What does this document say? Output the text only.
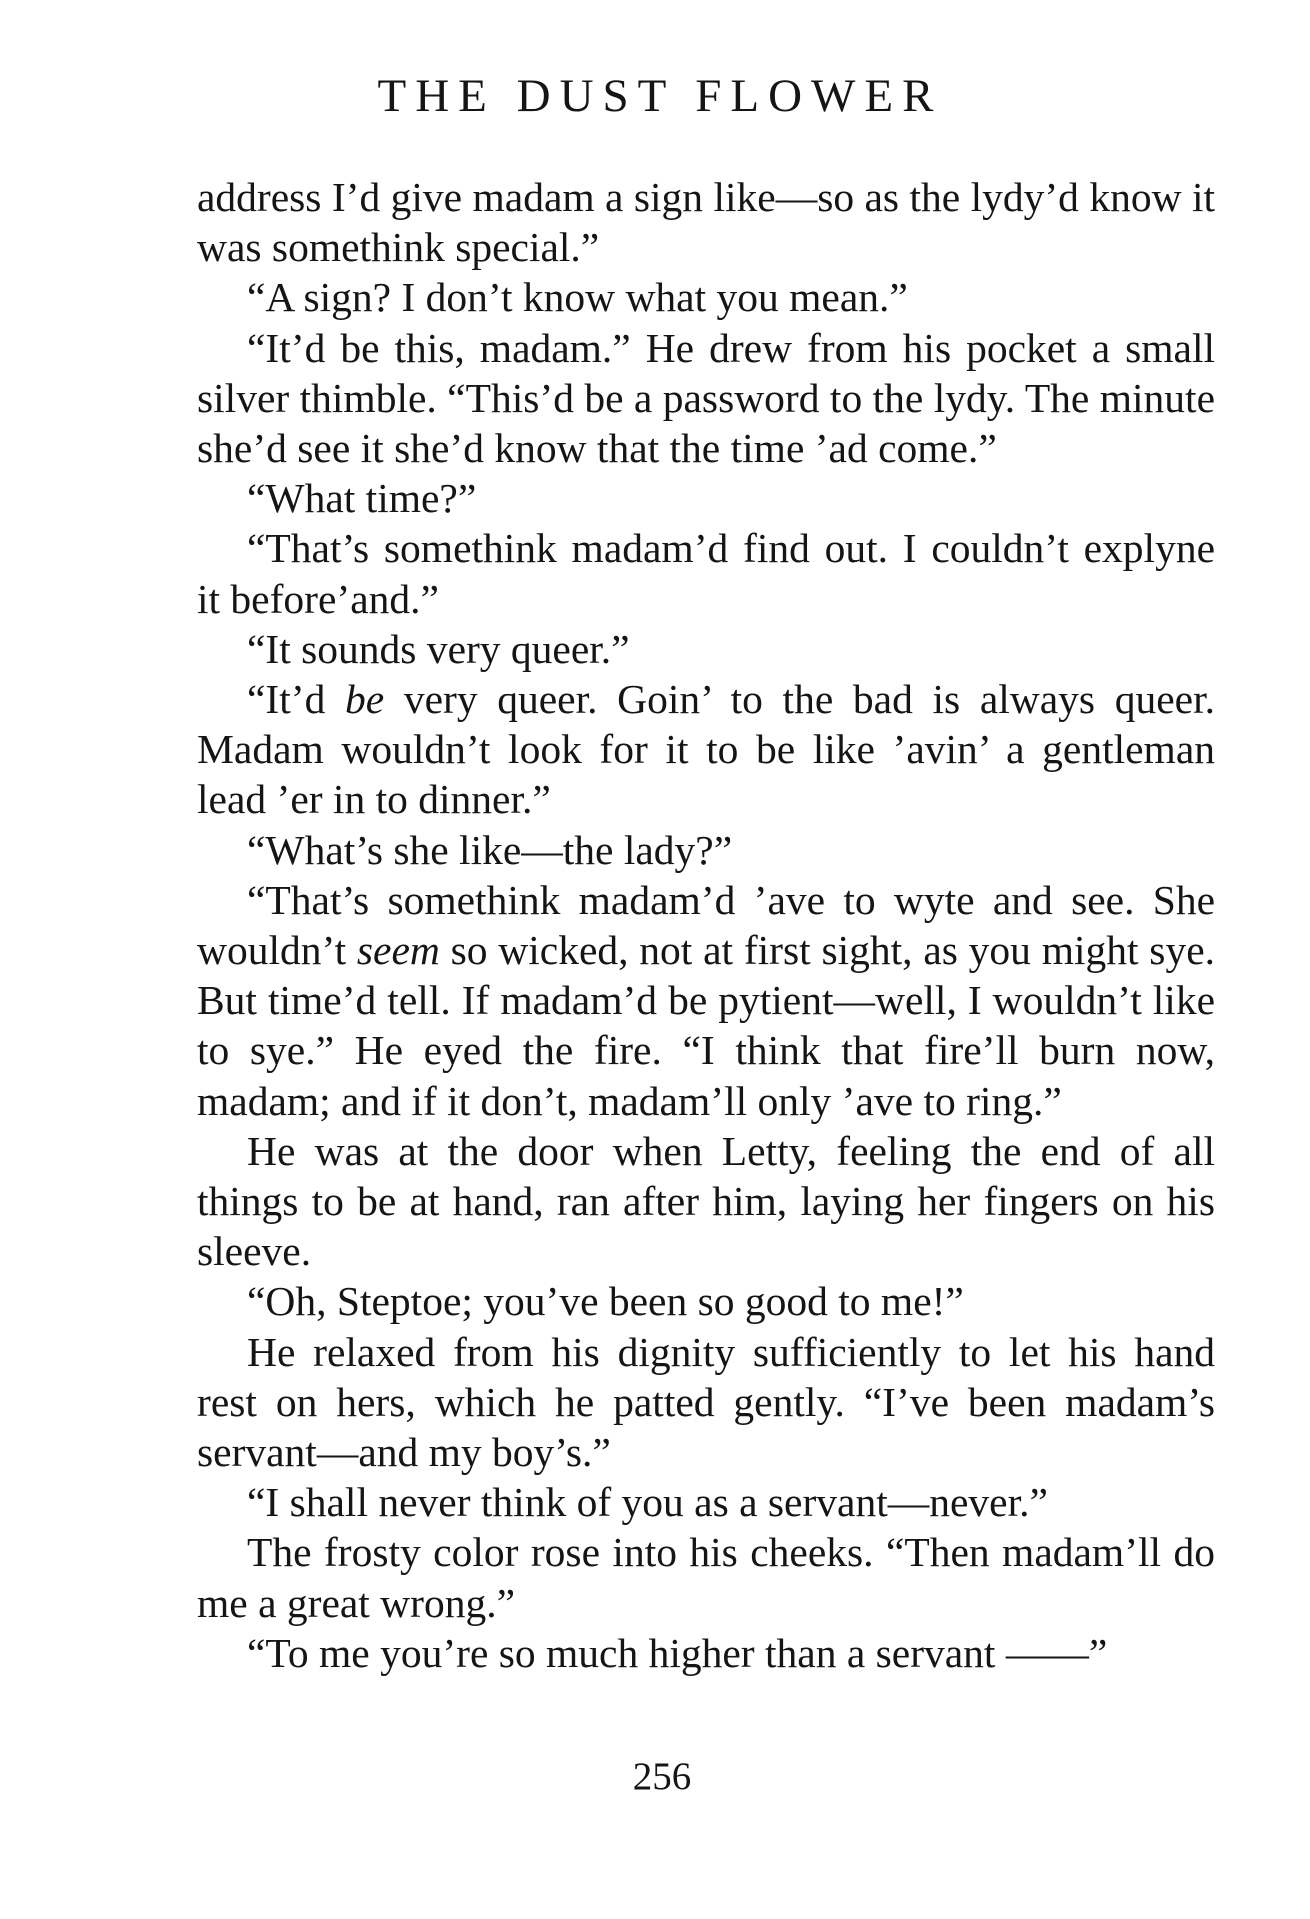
THE DUST FLOWER

address I’d give madam a sign like—so as the lydy’d know it was somethink special.”

“A sign? I don’t know what you mean.”

“It’d be this, madam.” He drew from his pocket a small silver thimble. “This’d be a password to the lydy. The minute she’d see it she’d know that the time ’ad come.”

“What time?”

“That’s somethink madam’d find out. I couldn’t explyne it before’and.”

“It sounds very queer.”

“It’d be very queer. Goin’ to the bad is always queer. Madam wouldn’t look for it to be like ’avin’ a gentleman lead ’er in to dinner.”

“What’s she like—the lady?”

“That’s somethink madam’d ’ave to wyte and see. She wouldn’t seem so wicked, not at first sight, as you might sye. But time’d tell. If madam’d be pytient—well, I wouldn’t like to sye.” He eyed the fire. “I think that fire’ll burn now, madam; and if it don’t, madam’ll only ’ave to ring.”

He was at the door when Letty, feeling the end of all things to be at hand, ran after him, laying her fingers on his sleeve.

“Oh, Steptoe; you’ve been so good to me!”

He relaxed from his dignity sufficiently to let his hand rest on hers, which he patted gently. “I’ve been madam’s servant—and my boy’s.”

“I shall never think of you as a servant—never.”

The frosty color rose into his cheeks. “Then madam’ll do me a great wrong.”

“To me you’re so much higher than a servant ——”

256
